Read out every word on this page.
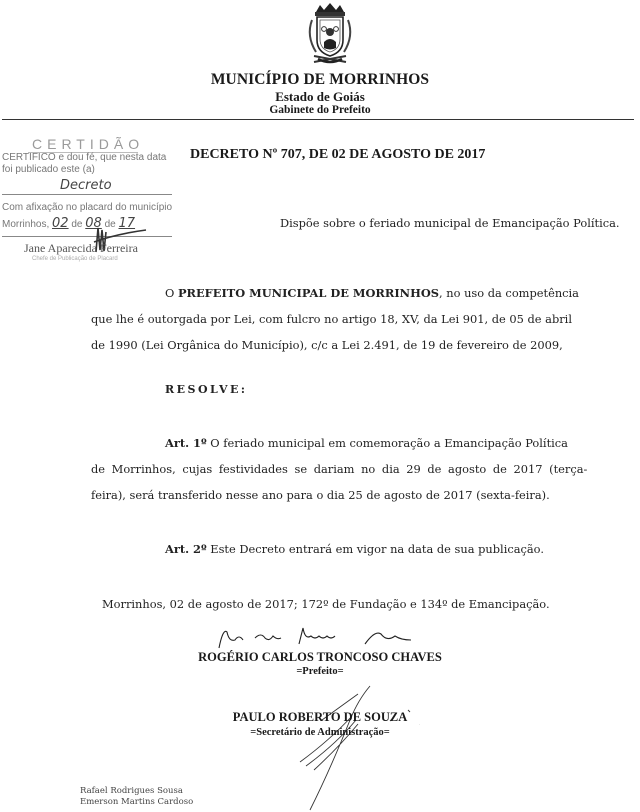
MUNICÍPIO DE MORRINHOS
Estado de Goiás
Gabinete do Prefeito
CERTIDÃO
CERTIFICO e dou fé, que nesta data
foi publicado este (a)
Decreto
Com afixação no placard do município
Morrinhos, 02 de 08 de 17
Jane Aparecida Ferreira
Chefe de Publicação de Placard
DECRETO Nº 707, DE 02 DE AGOSTO DE 2017
Dispõe sobre o feriado municipal de Emancipação Política.
O PREFEITO MUNICIPAL DE MORRINHOS, no uso da competência
que lhe é outorgada por Lei, com fulcro no artigo 18, XV, da Lei 901, de 05 de abril
de 1990 (Lei Orgânica do Município), c/c a Lei 2.491, de 19 de fevereiro de 2009,
RESOLVE:
Art. 1º O feriado municipal em comemoração a Emancipação Política
de Morrinhos, cujas festividades se dariam no dia 29 de agosto de 2017 (terça-
feira), será transferido nesse ano para o dia 25 de agosto de 2017 (sexta-feira).
Art. 2º Este Decreto entrará em vigor na data de sua publicação.
Morrinhos, 02 de agosto de 2017; 172º de Fundação e 134º de Emancipação.
ROGÉRIO CARLOS TRONCOSO CHAVES
=Prefeito=
PAULO ROBERTO DE SOUZA
=Secretário de Administração=
Rafael Rodrigues Sousa
Emerson Martins Cardoso
